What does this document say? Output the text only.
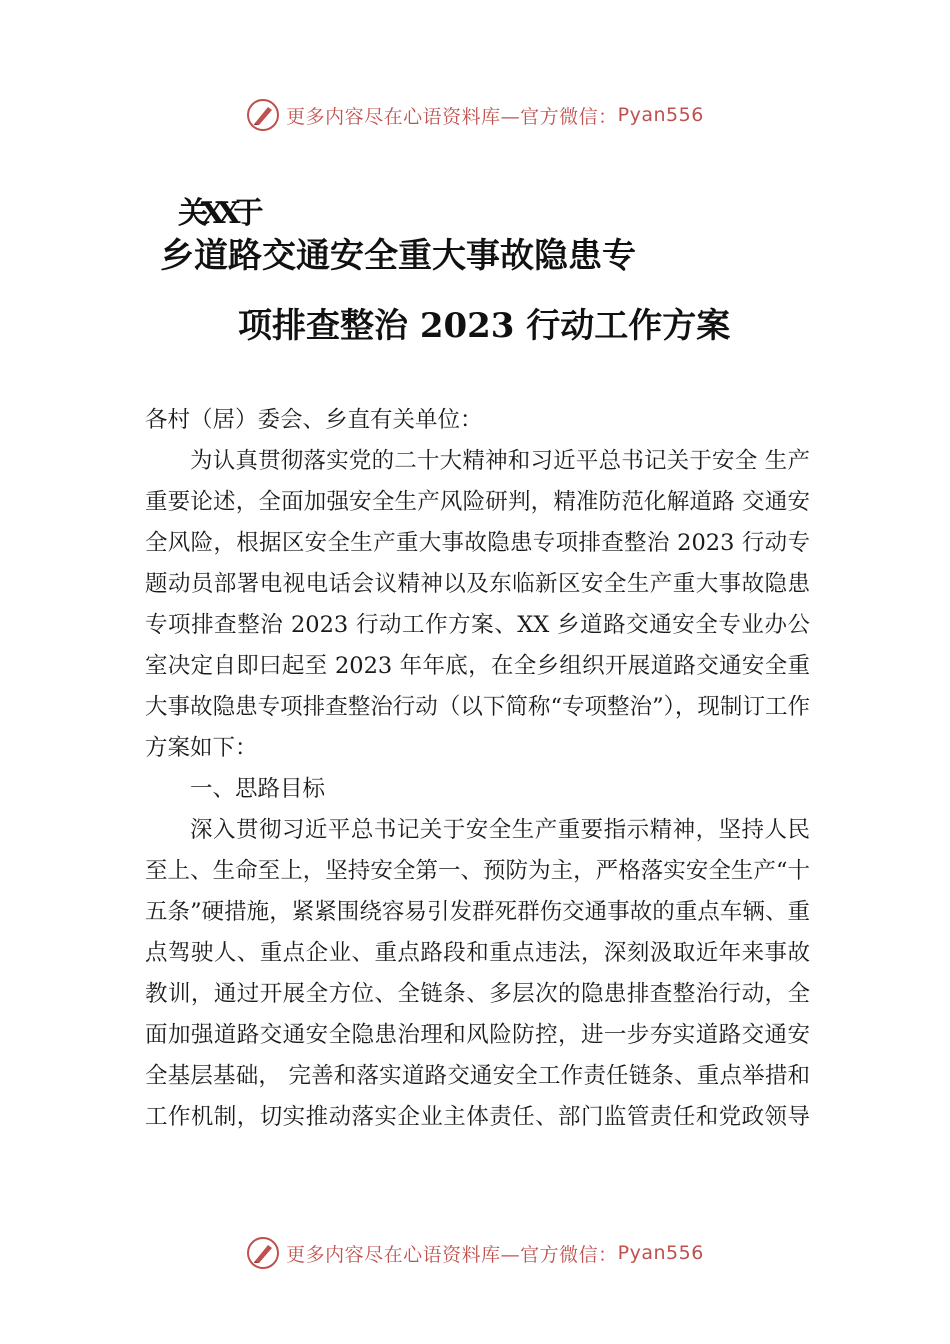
更多内容尽在心语资料库—官方微信： Pyan556
关XX于
乡道路交通安全重大事故隐患专
项排查整治 2023 行动工作方案

各村（居）委会、乡直有关单位：

为认真贯彻落实党的二十大精神和习近平总书记关于安全 生产重要论述，全面加强安全生产风险研判，精准防范化解道路 交通安全风险，根据区安全生产重大事故隐患专项排查整治 2023 行动专题动员部署电视电话会议精神以及东临新区安全生产重大事故隐患专项排查整治 2023 行动工作方案、XX 乡道路交通安全专业办公室决定自即曰起至 2023 年年底，在全乡组织开展道路交通安全重大事故隐患专项排查整治行动（以下简称“专项整治”），现制订工作方案如下：

一、思路目标

深入贯彻习近平总书记关于安全生产重要指示精神，坚持人民至上、生命至上，坚持安全第一、预防为主，严格落实安全生产“十五条”硬措施，紧紧围绕容易引发群死群伤交通事故的重点车辆、重点驾驶人、重点企业、重点路段和重点违法，深刻汲取近年来事故教训，通过开展全方位、全链条、多层次的隐患排查整治行动，全面加强道路交通安全隐患治理和风险防控，进一步夯实道路交通安全基层基础， 完善和落实道路交通安全工作责任链条、重点举措和工作机制，切实推动落实企业主体责任、部门监管责任和党政领导

更多内容尽在心语资料库—官方微信： Pyan556
